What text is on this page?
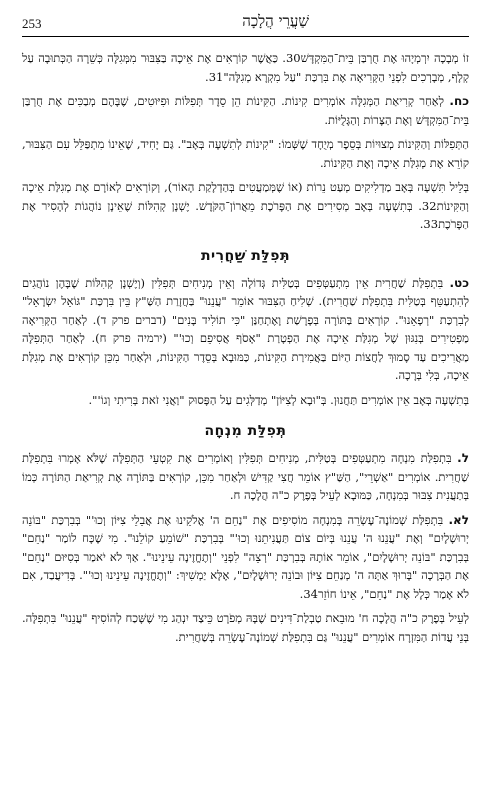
253	שַׁעֲרֵי הֲלָכָה

זוֹ מְבָכָה יִרְמְיָהוּ אֶת חֻרְבַּן בֵּית־הַמִּקְדָּשׁ30. כַּאֲשֶׁר קוֹרְאִים אֶת אֵיכָה בַּצִּבּוּר מִמְּגִלָּה כְּשֵׁרָה הַכְּתוּבָה עַל קְלָף, מְבָרְכִים לִפְנֵי הַקְּרִיאָה אֶת בִּרְכַּת "עַל מִקְרָא מְגִלָּה"31.

כח. לְאַחַר קְרִיאַת הַמְּגִלָּה אוֹמְרִים קִינוֹת. הַקִּינוֹת הֵן סֵדֶר תְּפִלּוֹת וּפִיּוּטִים, שֶׁבָּהֶם מְבַכִּים אֶת חֻרְבַּן בֵּית־הַמִּקְדָּשׁ וְאֶת הַצָּרוֹת וְהַגָּלֻיּוֹת.

הַתְּפִלּוֹת וְהַקִּינוֹת מְצוּיוֹת בְּסֵפֶר מְיֻחָד שֶׁשְּׁמוֹ: "קִינוֹת לְתִשְׁעָה בְּאָב". גַּם יָחִיד, שֶׁאֵינוֹ מִתְפַּלֵּל עִם הַצִּבּוּר, קוֹרֵא אֶת מְגִלַּת אֵיכָה וְאֶת הַקִּינוֹת.

בְּלֵיל תִּשְׁעָה בְּאָב מַדְלִיקִים מְעַט נֵרוֹת (אוֹ שֶׁמְּמַעֲטִים בְּהַדְלָקַת הָאוֹר), וְקוֹרְאִים לְאוֹרָם אֶת מְגִלַּת אֵיכָה וְהַקִּינוֹת32. בְּתִשְׁעָה בְּאָב מְסִירִים אֶת הַפָּרֹכֶת מֵאֲרוֹן־הַקֹּדֶשׁ. יֶשְׁנָן קְהִלּוֹת שֶׁאֵינָן נוֹהֲגוֹת לְהָסִיר אֶת הַפָּרֹכֶת33.

תְּפִלַּת שַׁחֲרִית

כט. בִּתְפִלַּת שַׁחֲרִית אֵין מִתְעַטְּפִים בְּטַלִּית גְּדוֹלָה וְאֵין מְנִיחִים תְּפִלִּין (וְיֶשְׁנָן קְהִלּוֹת שֶׁבָּהֶן נוֹהֲגִים לְהִתְעַטֵּף בְּטַלִּית בִּתְפִלַּת שַׁחֲרִית). שְׁלִיחַ הַצִּבּוּר אוֹמֵר "עֲנֵנוּ" בַּחֲזָרַת הַשַּׁ"ץ בֵּין בִּרְכַּת "גּוֹאֵל יִשְׂרָאֵל" לְבִרְכַּת "רְפָאֵנוּ". קוֹרְאִים בַּתּוֹרָה בְּפָרָשַׁת וָאֶתְחַנַּן "כִּי תוֹלִיד בָּנִים" (דברים פרק ד). לְאַחַר הַקְּרִיאָה מַפְטִירִים בְּנִגּוּן שֶׁל מְגִלַּת אֵיכָה אֶת הַפְטָרַת "אָסֹף אֲסִיפֵם וְכוּ'" (ירמיה פרק ח). לְאַחַר הַתְּפִלָּה מַאֲרִיכִים עַד סָמוּךְ לַחֲצוֹת הַיּוֹם בַּאֲמִירַת הַקִּינוֹת, כַּמּוּבָא בְּסֵדֶר הַקִּינוֹת, וּלְאַחַר מִכֵּן קוֹרְאִים אֶת מְגִלַּת אֵיכָה, בְּלִי בְּרָכָה.

בְּתִשְׁעָה בְּאָב אֵין אוֹמְרִים תַּחֲנוּן. בְּ"וּבָא לְצִיּוֹן" מְדַלְּגִים עַל הַפָּסוּק "וַאֲנִי זֹאת בְּרִיתִי וְגוֹ'".

תְּפִלַּת מִנְחָה

ל. בִּתְפִלַּת מִנְחָה מִתְעַטְּפִים בְּטַלִּית, מְנִיחִים תְּפִלִּין וְאוֹמְרִים אֶת קִטְעֵי הַתְּפִלָּה שֶׁלֹּא אָמְרוּ בִּתְפִלַּת שַׁחֲרִית. אוֹמְרִים "אַשְׁרֵי", הַשַּׁ"ץ אוֹמֵר חֲצִי קַדִּישׁ וּלְאַחַר מִכֵּן, קוֹרְאִים בַּתּוֹרָה אֶת קְרִיאַת הַתּוֹרָה כְּמוֹ בְּתַעֲנִית צִבּוּר בְּמִנְחָה, כַּמּוּבָא לְעֵיל בְּפֶרֶק כ"ה הֲלָכָה ח.

לא. בִּתְפִלַּת שְׁמוֹנֶה־עֶשְׂרֵה בְּמִנְחָה מוֹסִיפִים אֶת "נַחֵם ה' אֱלֹקֵינוּ אֶת אֲבֵלֵי צִיּוֹן וְכוּ'" בְּבִרְכַּת "בּוֹנֵה יְרוּשָׁלָיִם" וְאֶת "עֲנֵנוּ ה' עֲנֵנוּ בְּיוֹם צוֹם תַּעֲנִיתֵנוּ וְכוּ'" בְּבִרְכַּת "שׁוֹמֵעַ קוֹלֵנוּ". מִי שֶׁכָּח לוֹמַר "נַחֵם" בְּבִרְכַּת "בּוֹנֵה יְרוּשָׁלָיִם", אוֹמֵר אוֹתָהּ בְּבִרְכַּת "רְצֵה" לִפְנֵי "וְתֶחֱזֶינָה עֵינֵינוּ". אַךְ לֹא יֹאמַר בְּסִיּוּם "נַחֵם" אֶת הַבְּרָכָה "בָּרוּךְ אַתָּה ה' מְנַחֵם צִיּוֹן וּבוֹנֵה יְרוּשָׁלָיִם", אֶלָּא יַמְשִׁיךְ: "וְתֶחֱזֶינָה עֵינֵינוּ וְכוּ'". בְּדִיעֲבַד, אִם לֹא אָמַר כְּלָל אֶת "נַחֵם", אֵינוֹ חוֹזֵר34.

לְעֵיל בְּפֶרֶק כ"ה הֲלָכָה ח' מוּבֵאת טַבְלַת־דִּינִים שֶׁבָּהּ מְפֹרָט כֵּיצַד יִנְהַג מִי שֶׁשָּׁכַח לְהוֹסִיף "עֲנֵנוּ" בִּתְפִלָּה. בְּנֵי עֲדוֹת הַמִּזְרָח אוֹמְרִים "עֲנֵנוּ" גַּם בִּתְפִלַּת שְׁמוֹנֶה־עֶשְׂרֵה בְּשַׁחֲרִית.
